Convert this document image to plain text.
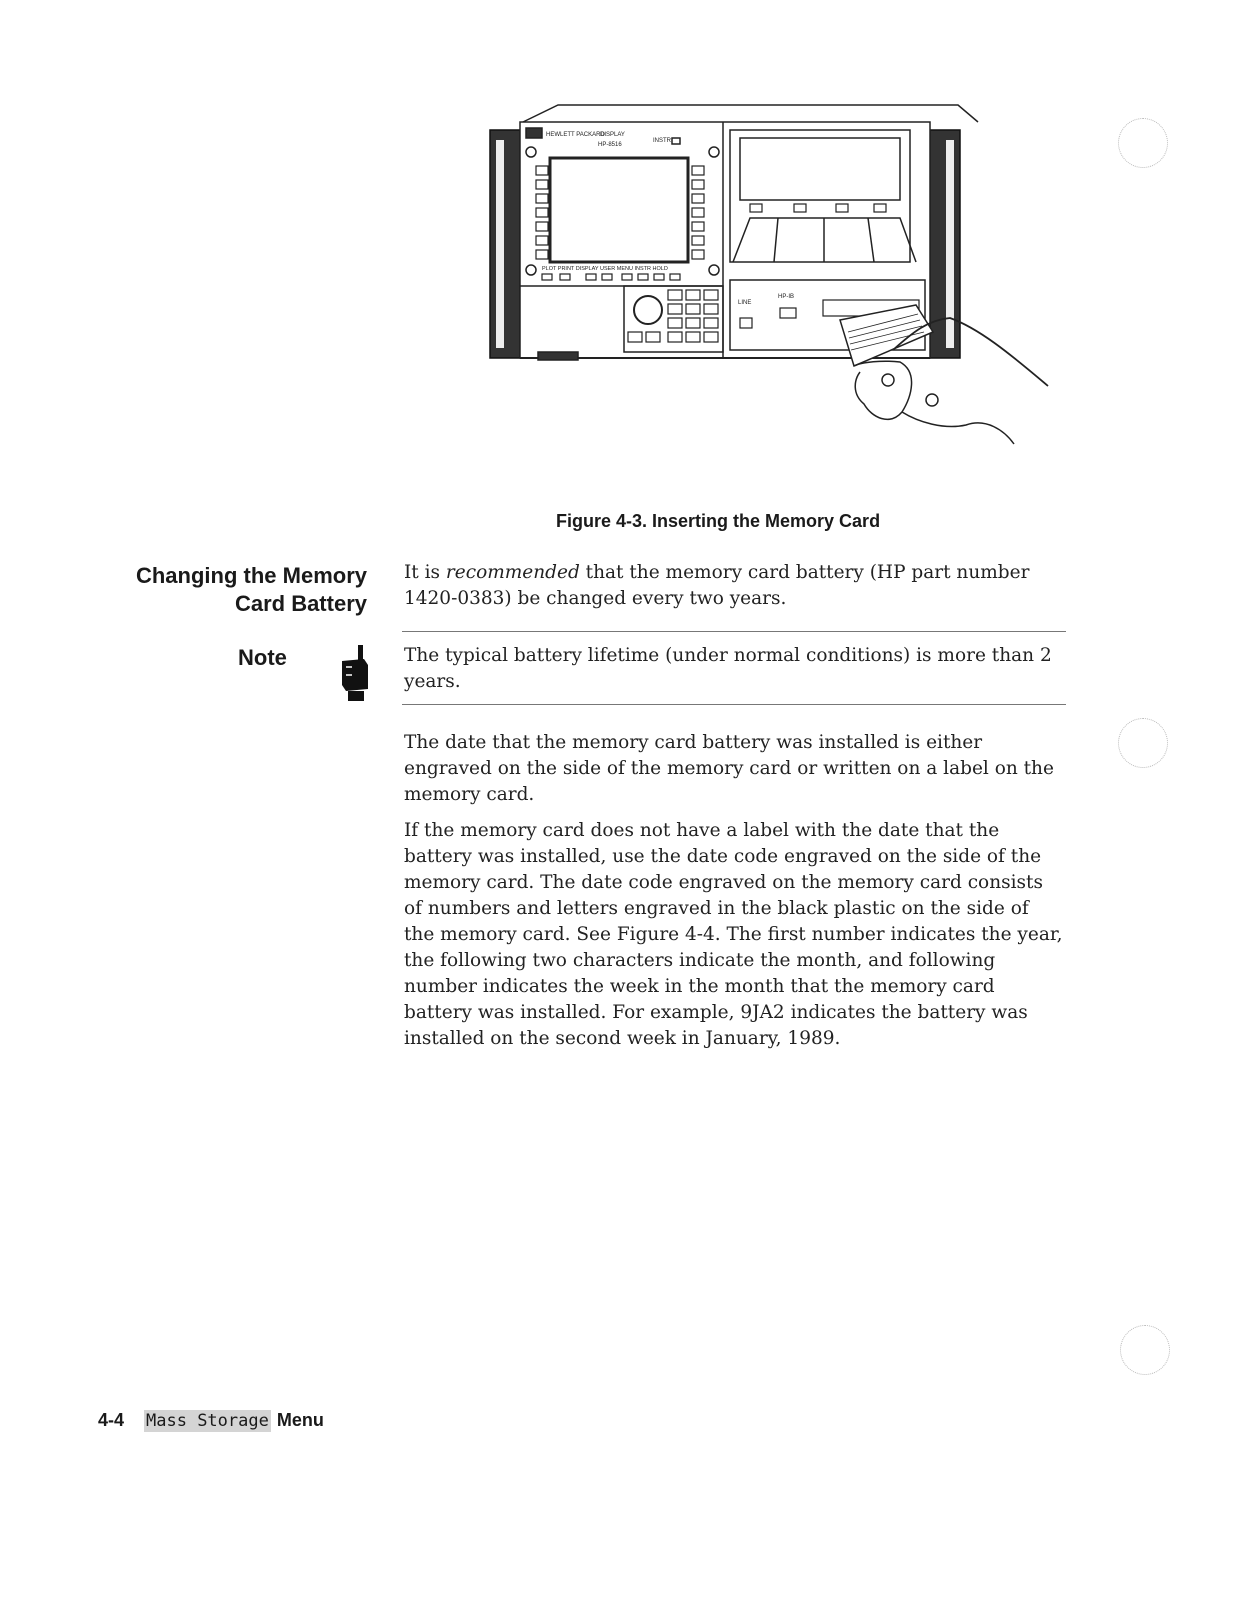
HEWLETT PACKARD
DISPLAY
HP-8516
INSTR
PLOT PRINT DISPLAY USER MENU INSTR HOLD
LINE
HP-IB
Figure 4-3. Inserting the Memory Card
Changing the Memory
Card Battery

It is recommended that the memory card battery (HP part number 1420-0383) be changed every two years.

Note	The typical battery lifetime (under normal conditions) is more than 2 years.

The date that the memory card battery was installed is either engraved on the side of the memory card or written on a label on the memory card.

If the memory card does not have a label with the date that the battery was installed, use the date code engraved on the side of the memory card. The date code engraved on the memory card consists of numbers and letters engraved in the black plastic on the side of the memory card. See Figure 4-4. The first number indicates the year, the following two characters indicate the month, and following number indicates the week in the month that the memory card battery was installed. For example, 9JA2 indicates the battery was installed on the second week in January, 1989.

4-4 Mass Storage Menu
